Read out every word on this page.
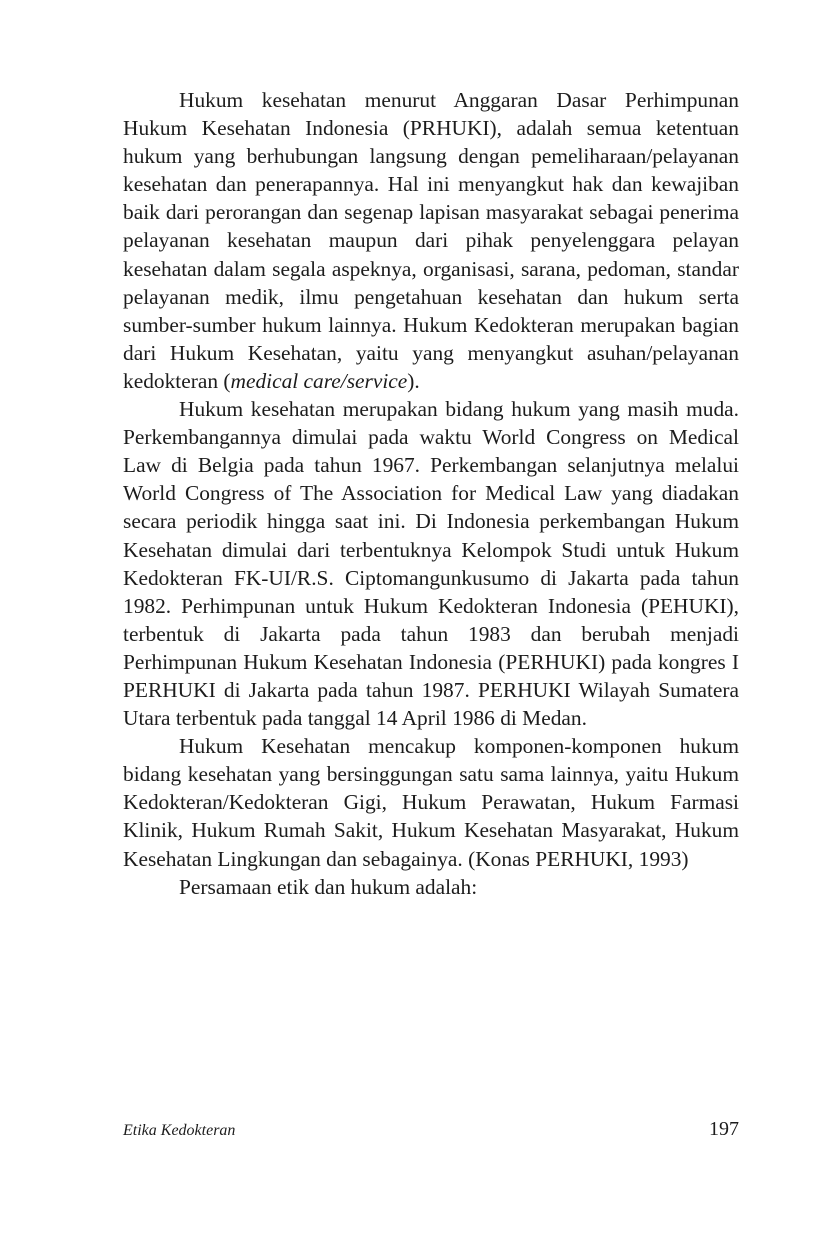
Hukum kesehatan menurut Anggaran Dasar Perhimpunan Hukum Kesehatan Indonesia (PRHUKI), adalah semua ketentuan hukum yang berhubungan langsung dengan pemeliharaan/pelayanan kesehatan dan penerapannya. Hal ini menyangkut hak dan kewajiban baik dari perorangan dan segenap lapisan masyarakat sebagai penerima pelayanan kesehatan maupun dari pihak penyelenggara pelayan kesehatan dalam segala aspeknya, organisasi, sarana, pedoman, standar pelayanan medik, ilmu pengetahuan kesehatan dan hukum serta sumber-sumber hukum lainnya. Hukum Kedokteran merupakan bagian dari Hukum Kesehatan, yaitu yang menyangkut asuhan/pelayanan kedokteran (medical care/service).

Hukum kesehatan merupakan bidang hukum yang masih muda. Perkembangannya dimulai pada waktu World Congress on Medical Law di Belgia pada tahun 1967. Perkembangan selanjutnya melalui World Congress of The Association for Medical Law yang diadakan secara periodik hingga saat ini. Di Indonesia perkembangan Hukum Kesehatan dimulai dari terbentuknya Kelompok Studi untuk Hukum Kedokteran FK-UI/R.S. Ciptomangunkusumo di Jakarta pada tahun 1982. Perhimpunan untuk Hukum Kedokteran Indonesia (PEHUKI), terbentuk di Jakarta pada tahun 1983 dan berubah menjadi Perhimpunan Hukum Kesehatan Indonesia (PERHUKI) pada kongres I PERHUKI di Jakarta pada tahun 1987. PERHUKI Wilayah Sumatera Utara terbentuk pada tanggal 14 April 1986 di Medan.

Hukum Kesehatan mencakup komponen-komponen hukum bidang kesehatan yang bersinggungan satu sama lainnya, yaitu Hukum Kedokteran/Kedokteran Gigi, Hukum Perawatan, Hukum Farmasi Klinik, Hukum Rumah Sakit, Hukum Kesehatan Masyarakat, Hukum Kesehatan Lingkungan dan sebagainya. (Konas PERHUKI, 1993)

Persamaan etik dan hukum adalah:

Etika Kedokteran	197
